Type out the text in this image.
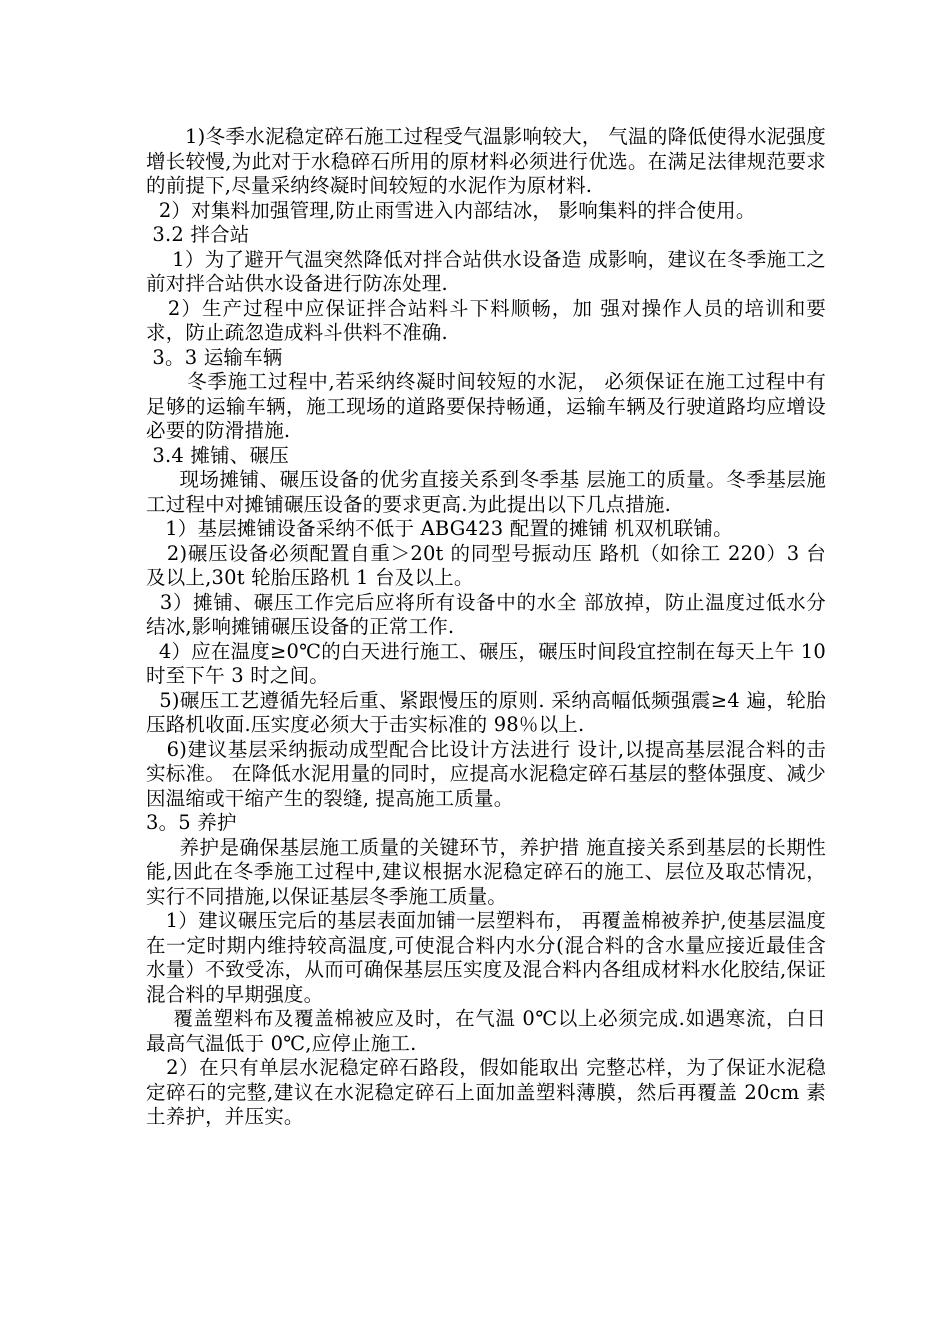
1)冬季水泥稳定碎石施工过程受气温影响较大， 气温的降低使得水泥强度增长较慢,为此对于水稳碎石所用的原材料必须进行优选。在满足法律规范要求的前提下,尽量采纳终凝时间较短的水泥作为原材料.

2）对集料加强管理,防止雨雪进入内部结冰， 影响集料的拌合使用。

3.2 拌合站

1）为了避开气温突然降低对拌合站供水设备造 成影响，建议在冬季施工之前对拌合站供水设备进行防冻处理.

2）生产过程中应保证拌合站料斗下料顺畅，加 强对操作人员的培训和要求，防止疏忽造成料斗供料不准确.

3。3 运输车辆

冬季施工过程中,若采纳终凝时间较短的水泥， 必须保证在施工过程中有足够的运输车辆，施工现场的道路要保持畅通，运输车辆及行驶道路均应增设必要的防滑措施.

3.4 摊铺、碾压

现场摊铺、碾压设备的优劣直接关系到冬季基 层施工的质量。冬季基层施工过程中对摊铺碾压设备的要求更高.为此提出以下几点措施.

1）基层摊铺设备采纳不低于 ABG423 配置的摊铺 机双机联铺。

2)碾压设备必须配置自重＞20t 的同型号振动压 路机（如徐工 220）3 台及以上,30t 轮胎压路机 1 台及以上。

3）摊铺、碾压工作完后应将所有设备中的水全 部放掉，防止温度过低水分结冰,影响摊铺碾压设备的正常工作.

4）应在温度≥0℃的白天进行施工、碾压，碾压时间段宜控制在每天上午 10 时至下午 3 时之间。

5)碾压工艺遵循先轻后重、紧跟慢压的原则. 采纳高幅低频强震≥4 遍，轮胎压路机收面.压实度必须大于击实标准的 98％以上.

6)建议基层采纳振动成型配合比设计方法进行 设计,以提高基层混合料的击实标准。 在降低水泥用量的同时，应提高水泥稳定碎石基层的整体强度、减少因温缩或干缩产生的裂缝, 提高施工质量。

3。5 养护

养护是确保基层施工质量的关键环节，养护措 施直接关系到基层的长期性能,因此在冬季施工过程中,建议根据水泥稳定碎石的施工、层位及取芯情况，实行不同措施,以保证基层冬季施工质量。

1）建议碾压完后的基层表面加铺一层塑料布， 再覆盖棉被养护,使基层温度在一定时期内维持较高温度,可使混合料内水分(混合料的含水量应接近最佳含水量）不致受冻，从而可确保基层压实度及混合料内各组成材料水化胶结,保证混合料的早期强度。

覆盖塑料布及覆盖棉被应及时，在气温 0℃以上必须完成.如遇寒流，白日最高气温低于 0℃,应停止施工.

2）在只有单层水泥稳定碎石路段，假如能取出 完整芯样，为了保证水泥稳定碎石的完整,建议在水泥稳定碎石上面加盖塑料薄膜，然后再覆盖 20cm 素土养护，并压实。
